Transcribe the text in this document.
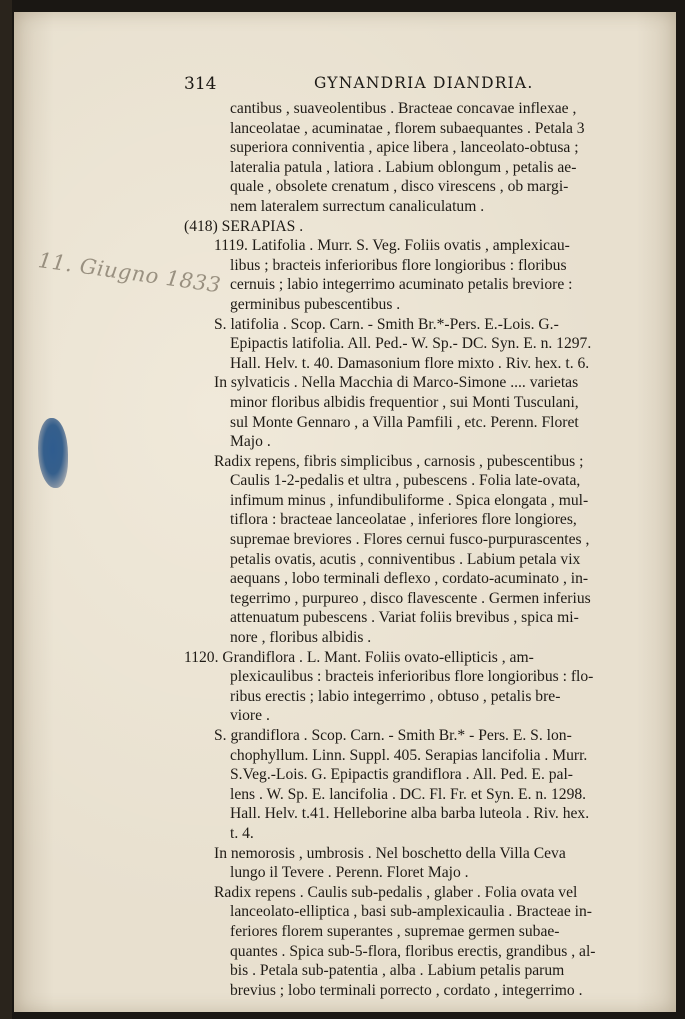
11. Giugno 1833
314	GYNANDRIA DIANDRIA.
cantibus , suaveolentibus . Bracteae concavae inflexae ,
lanceolatae , acuminatae , florem subaequantes . Petala 3
superiora conniventia , apice libera , lanceolato-obtusa ;
lateralia patula , latiora . Labium oblongum , petalis ae-
quale , obsolete crenatum , disco virescens , ob margi-
nem lateralem surrectum canaliculatum .
(418) SERAPIAS .
1119. Latifolia . Murr. S. Veg. Foliis ovatis , amplexicau-
libus ; bracteis inferioribus flore longioribus : floribus
cernuis ; labio integerrimo acuminato petalis breviore :
germinibus pubescentibus .
S. latifolia . Scop. Carn. - Smith Br.*-Pers. E.-Lois. G.-
Epipactis latifolia. All. Ped.- W. Sp.- DC. Syn. E. n. 1297.
Hall. Helv. t. 40. Damasonium flore mixto . Riv. hex. t. 6.
In sylvaticis . Nella Macchia di Marco-Simone .... varietas
minor floribus albidis frequentior , sui Monti Tusculani,
sul Monte Gennaro , a Villa Pamfili , etc. Perenn. Floret
Majo .
Radix repens, fibris simplicibus , carnosis , pubescentibus ;
Caulis 1-2-pedalis et ultra , pubescens . Folia late-ovata,
infimum minus , infundibuliforme . Spica elongata , mul-
tiflora : bracteae lanceolatae , inferiores flore longiores,
supremae breviores . Flores cernui fusco-purpurascentes ,
petalis ovatis, acutis , conniventibus . Labium petala vix
aequans , lobo terminali deflexo , cordato-acuminato , in-
tegerrimo , purpureo , disco flavescente . Germen inferius
attenuatum pubescens . Variat foliis brevibus , spica mi-
nore , floribus albidis .
1120. Grandiflora . L. Mant. Foliis ovato-ellipticis , am-
plexicaulibus : bracteis inferioribus flore longioribus : flo-
ribus erectis ; labio integerrimo , obtuso , petalis bre-
viore .
S. grandiflora . Scop. Carn. - Smith Br.* - Pers. E. S. lon-
chophyllum. Linn. Suppl. 405. Serapias lancifolia . Murr.
S.Veg.-Lois. G. Epipactis grandiflora . All. Ped. E. pal-
lens . W. Sp. E. lancifolia . DC. Fl. Fr. et Syn. E. n. 1298.
Hall. Helv. t.41. Helleborine alba barba luteola . Riv. hex.
t. 4.
In nemorosis , umbrosis . Nel boschetto della Villa Ceva
lungo il Tevere . Perenn. Floret Majo .
Radix repens . Caulis sub-pedalis , glaber . Folia ovata vel
lanceolato-elliptica , basi sub-amplexicaulia . Bracteae in-
feriores florem superantes , supremae germen subae-
quantes . Spica sub-5-flora, floribus erectis, grandibus , al-
bis . Petala sub-patentia , alba . Labium petalis parum
brevius ; lobo terminali porrecto , cordato , integerrimo .
